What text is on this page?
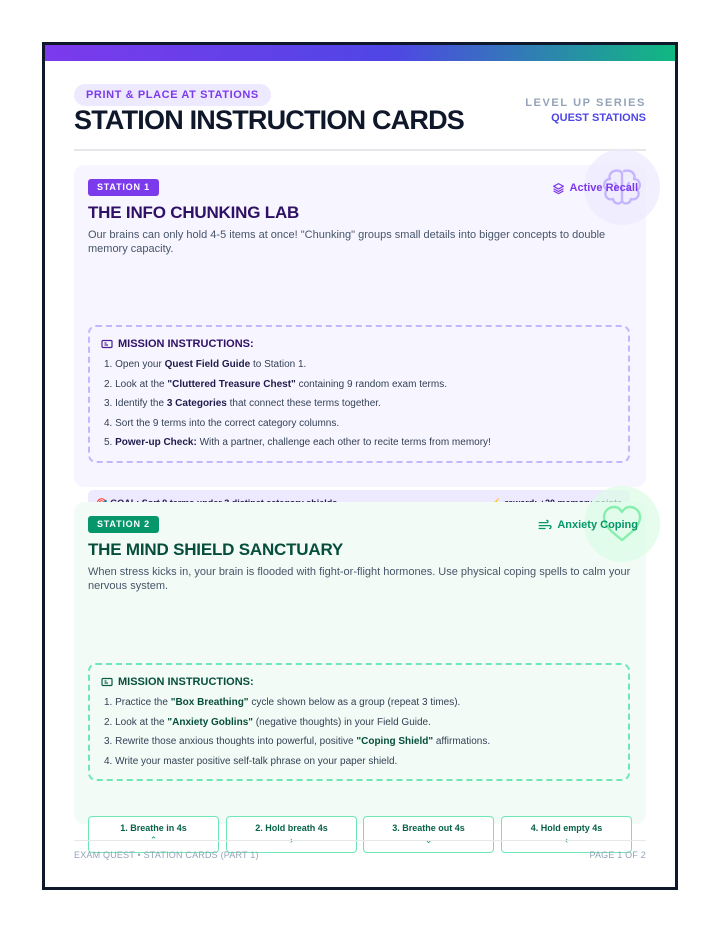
PRINT & PLACE AT STATIONS
STATION INSTRUCTION CARDS
LEVEL UP SERIES
QUEST STATIONS
STATION 1	Active Recall
THE INFO CHUNKING LAB
Our brains can only hold 4-5 items at once! "Chunking" groups small details into bigger concepts to double memory capacity.
MISSION INSTRUCTIONS:
1. Open your Quest Field Guide to Station 1.
2. Look at the "Cluttered Treasure Chest" containing 9 random exam terms.
3. Identify the 3 Categories that connect these terms together.
4. Sort the 9 terms into the correct category columns.
5. Power-up Check: With a partner, challenge each other to recite terms from memory!
STATION 2	Anxiety Coping
THE MIND SHIELD SANCTUARY
When stress kicks in, your brain is flooded with fight-or-flight hormones. Use physical coping spells to calm your nervous system.
MISSION INSTRUCTIONS:
1. Practice the "Box Breathing" cycle shown below as a group (repeat 3 times).
2. Look at the "Anxiety Goblins" (negative thoughts) in your Field Guide.
3. Rewrite those anxious thoughts into powerful, positive "Coping Shield" affirmations.
4. Write your master positive self-talk phrase on your paper shield.
1. Breathe in 4s	2. Hold breath 4s	3. Breathe out 4s	4. Hold empty 4s
EXAM QUEST • STATION CARDS (PART 1)	PAGE 1 OF 2
